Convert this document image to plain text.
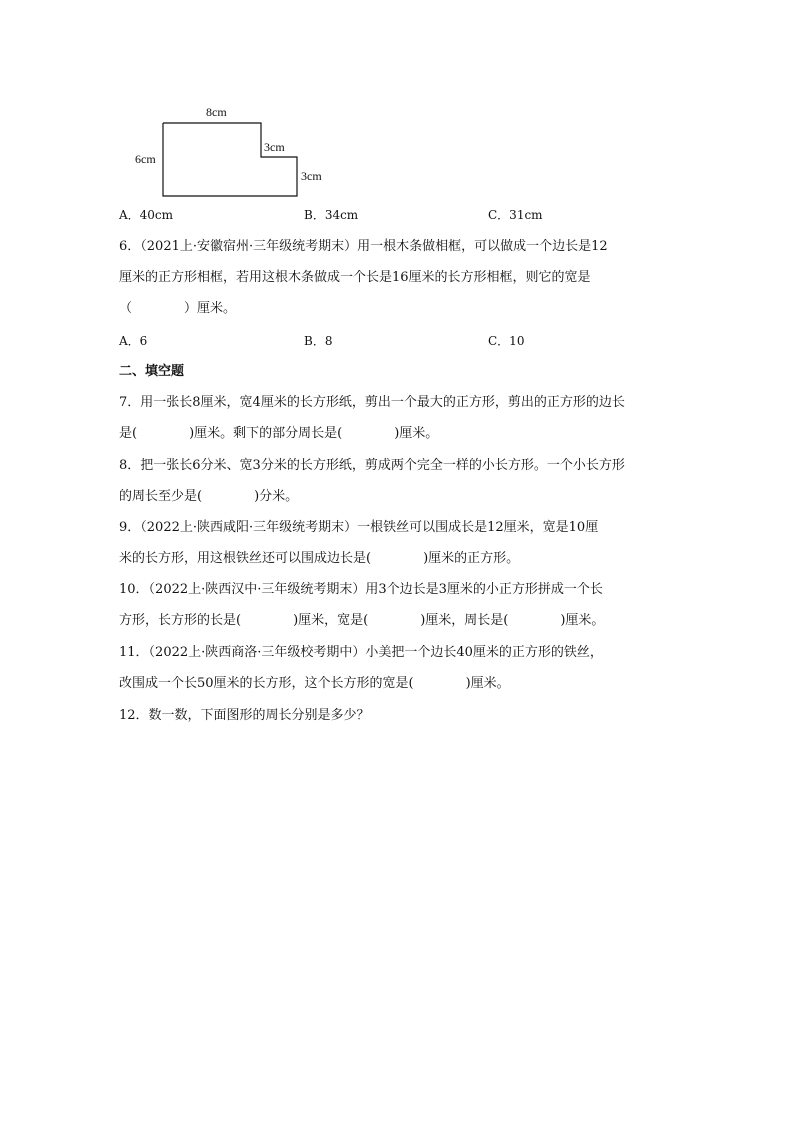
8cm
6cm
3cm
3cm
A．40cm	B．34cm	C．31cm
6．（2021上·安徽宿州·三年级统考期末）用一根木条做相框，可以做成一个边长是12
厘米的正方形相框，若用这根木条做成一个长是16厘米的长方形相框，则它的宽是
（　　　　）厘米。
A．6	B．8	C．10
二、填空题
7．用一张长8厘米，宽4厘米的长方形纸，剪出一个最大的正方形，剪出的正方形的边长
是(　　　　)厘米。剩下的部分周长是(　　　　)厘米。
8．把一张长6分米、宽3分米的长方形纸，剪成两个完全一样的小长方形。一个小长方形
的周长至少是(　　　　)分米。
9．（2022上·陕西咸阳·三年级统考期末）一根铁丝可以围成长是12厘米，宽是10厘
米的长方形，用这根铁丝还可以围成边长是(　　　　)厘米的正方形。
10．（2022上·陕西汉中·三年级统考期末）用3个边长是3厘米的小正方形拼成一个长
方形，长方形的长是(　　　　)厘米，宽是(　　　　)厘米，周长是(　　　　)厘米。
11．（2022上·陕西商洛·三年级校考期中）小美把一个边长40厘米的正方形的铁丝，
改围成一个长50厘米的长方形，这个长方形的宽是(　　　　)厘米。
12．数一数，下面图形的周长分别是多少？
